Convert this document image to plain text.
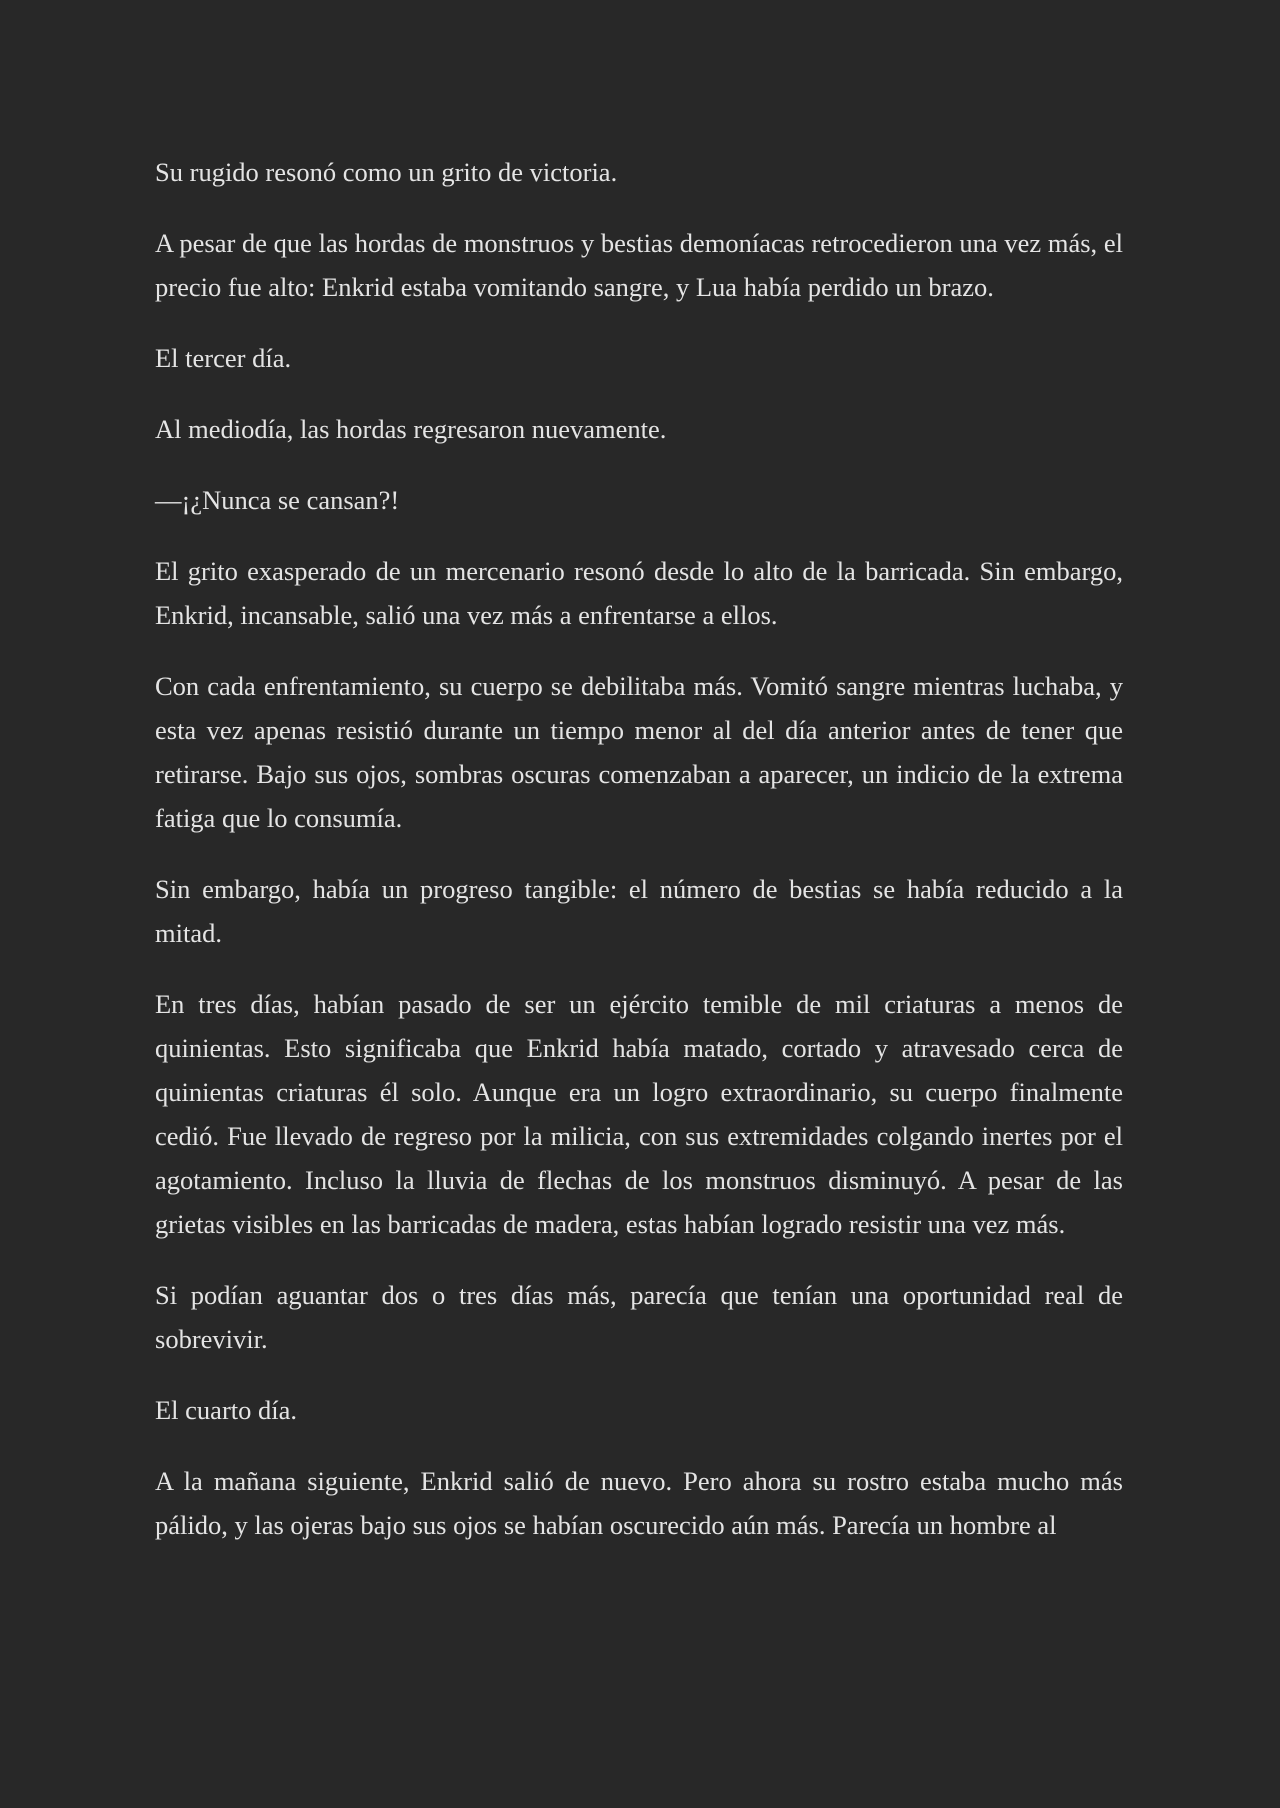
Su rugido resonó como un grito de victoria.

A pesar de que las hordas de monstruos y bestias demoníacas retrocedieron una vez más, el precio fue alto: Enkrid estaba vomitando sangre, y Lua había perdido un brazo.

El tercer día.

Al mediodía, las hordas regresaron nuevamente.

—¡¿Nunca se cansan?!

El grito exasperado de un mercenario resonó desde lo alto de la barricada. Sin embargo, Enkrid, incansable, salió una vez más a enfrentarse a ellos.

Con cada enfrentamiento, su cuerpo se debilitaba más. Vomitó sangre mientras luchaba, y esta vez apenas resistió durante un tiempo menor al del día anterior antes de tener que retirarse. Bajo sus ojos, sombras oscuras comenzaban a aparecer, un indicio de la extrema fatiga que lo consumía.

Sin embargo, había un progreso tangible: el número de bestias se había reducido a la mitad.

En tres días, habían pasado de ser un ejército temible de mil criaturas a menos de quinientas. Esto significaba que Enkrid había matado, cortado y atravesado cerca de quinientas criaturas él solo. Aunque era un logro extraordinario, su cuerpo finalmente cedió. Fue llevado de regreso por la milicia, con sus extremidades colgando inertes por el agotamiento. Incluso la lluvia de flechas de los monstruos disminuyó. A pesar de las grietas visibles en las barricadas de madera, estas habían logrado resistir una vez más.

Si podían aguantar dos o tres días más, parecía que tenían una oportunidad real de sobrevivir.

El cuarto día.

A la mañana siguiente, Enkrid salió de nuevo. Pero ahora su rostro estaba mucho más pálido, y las ojeras bajo sus ojos se habían oscurecido aún más. Parecía un hombre al
